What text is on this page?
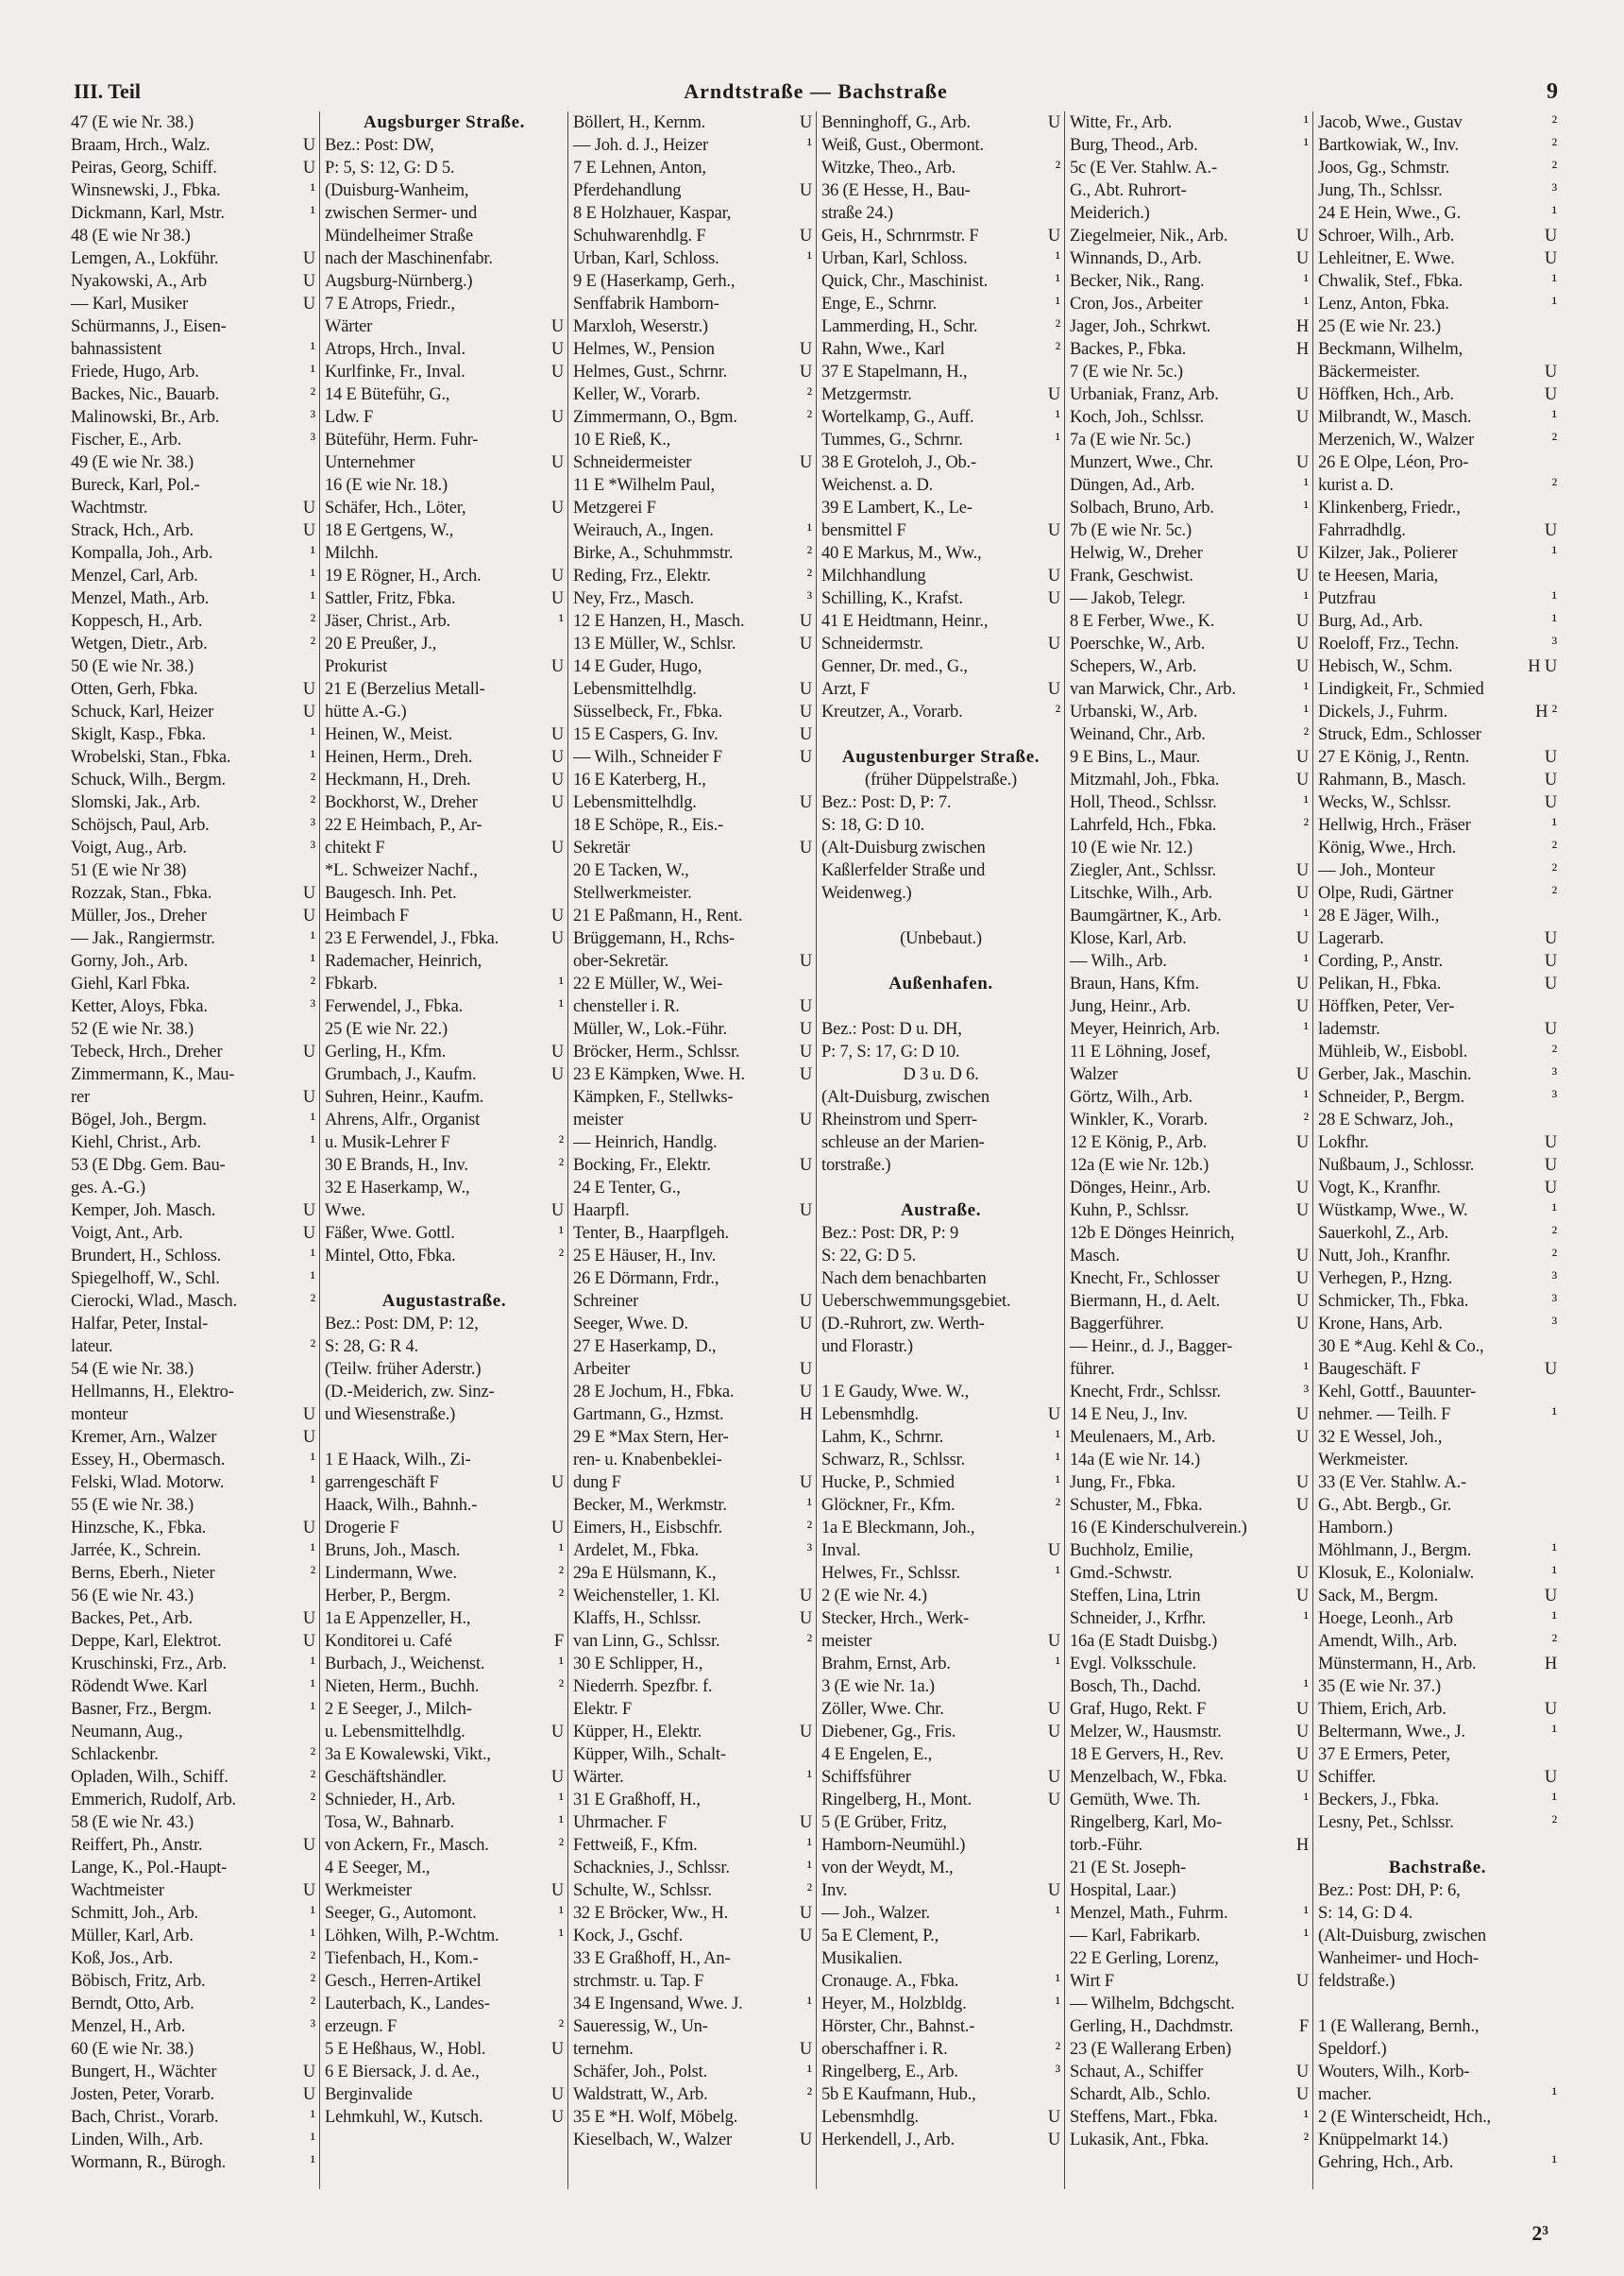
III. Teil	Arndtstraße — Bachstraße	9
47 (E wie Nr. 38.)
Braam, Hrch., Walz.	U
Peiras, Georg, Schiff.	U
Winsnewski, J., Fbka.	¹
Dickmann, Karl, Mstr.	¹
48 (E wie Nr 38.)
Lemgen, A., Lokführ.	U
Nyakowski, A., Arb	U
— Karl, Musiker	U
Schürmanns, J., Eisen-
bahnassistent	¹
Friede, Hugo, Arb.	¹
Backes, Nic., Bauarb.	²
Malinowski, Br., Arb.	³
Fischer, E., Arb.	³
49 (E wie Nr. 38.)
Bureck, Karl, Pol.-
Wachtmstr.	U
Strack, Hch., Arb.	U
Kompalla, Joh., Arb.	¹
Menzel, Carl, Arb.	¹
Menzel, Math., Arb.	¹
Koppesch, H., Arb.	²
Wetgen, Dietr., Arb.	²
50 (E wie Nr. 38.)
Otten, Gerh, Fbka.	U
Schuck, Karl, Heizer	U
Skiglt, Kasp., Fbka.	¹
Wrobelski, Stan., Fbka.	¹
Schuck, Wilh., Bergm.	²
Slomski, Jak., Arb.	²
Schöjsch, Paul, Arb.	³
Voigt, Aug., Arb.	³
51 (E wie Nr 38)
Rozzak, Stan., Fbka.	U
Müller, Jos., Dreher	U
— Jak., Rangiermstr.	¹
Gorny, Joh., Arb.	¹
Giehl, Karl Fbka.	²
Ketter, Aloys, Fbka.	³
52 (E wie Nr. 38.)
Tebeck, Hrch., Dreher	U
Zimmermann, K., Mau-
rer	U
Bögel, Joh., Bergm.	¹
Kiehl, Christ., Arb.	¹
53 (E Dbg. Gem. Bau-
ges. A.-G.)
Kemper, Joh. Masch.	U
Voigt, Ant., Arb.	U
Brundert, H., Schloss.	¹
Spiegelhoff, W., Schl.	¹
Cierocki, Wlad., Masch.	²
Halfar, Peter, Instal-
lateur.	²
54 (E wie Nr. 38.)
Hellmanns, H., Elektro-
monteur	U
Kremer, Arn., Walzer	U
Essey, H., Obermasch.	¹
Felski, Wlad. Motorw.	¹
55 (E wie Nr. 38.)
Hinzsche, K., Fbka.	U
Jarrée, K., Schrein.	¹
Berns, Eberh., Nieter	²
56 (E wie Nr. 43.)
Backes, Pet., Arb.	U
Deppe, Karl, Elektrot.	U
Kruschinski, Frz., Arb.	¹
Rödendt Wwe. Karl	¹
Basner, Frz., Bergm.	¹
Neumann, Aug.,
Schlackenbr.	²
Opladen, Wilh., Schiff.	²
Emmerich, Rudolf, Arb.	²
58 (E wie Nr. 43.)
Reiffert, Ph., Anstr.	U
Lange, K., Pol.-Haupt-
Wachtmeister	U
Schmitt, Joh., Arb.	¹
Müller, Karl, Arb.	¹
Koß, Jos., Arb.	²
Böbisch, Fritz, Arb.	²
Berndt, Otto, Arb.	²
Menzel, H., Arb.	³
60 (E wie Nr. 38.)
Bungert, H., Wächter	U
Josten, Peter, Vorarb.	U
Bach, Christ., Vorarb.	¹
Linden, Wilh., Arb.	¹
Wormann, R., Bürogh.	¹
Augsburger Straße.
Bez.: Post: DW,
P: 5, S: 12, G: D 5.
(Duisburg-Wanheim,
zwischen Sermer- und
Mündelheimer Straße
nach der Maschinenfabr.
Augsburg-Nürnberg.)
7 E Atrops, Friedr.,
Wärter	U
Atrops, Hrch., Inval.	U
Kurlfinke, Fr., Inval.	U
14 E Büteführ, G.,
Ldw. F	U
Büteführ, Herm. Fuhr-
Unternehmer	U
16 (E wie Nr. 18.)
Schäfer, Hch., Löter,	U
18 E Gertgens, W.,
Milchh.
19 E Rögner, H., Arch.	U
Sattler, Fritz, Fbka.	U
Jäser, Christ., Arb.	¹
20 E Preußer, J.,
Prokurist	U
21 E (Berzelius Metall-
hütte A.-G.)
Heinen, W., Meist.	U
Heinen, Herm., Dreh.	U
Heckmann, H., Dreh.	U
Bockhorst, W., Dreher	U
22 E Heimbach, P., Ar-
chitekt F	U
*L. Schweizer Nachf.,
Baugesch. Inh. Pet.
Heimbach F	U
23 E Ferwendel, J., Fbka.	U
Rademacher, Heinrich,
Fbkarb.	¹
Ferwendel, J., Fbka.	¹
25 (E wie Nr. 22.)
Gerling, H., Kfm.	U
Grumbach, J., Kaufm.	U
Suhren, Heinr., Kaufm.
Ahrens, Alfr., Organist
u. Musik-Lehrer F	²
30 E Brands, H., Inv.	²
32 E Haserkamp, W.,
Wwe.	U
Fäßer, Wwe. Gottl.	¹
Mintel, Otto, Fbka.	²
Augustastraße.
Bez.: Post: DM, P: 12,
S: 28, G: R 4.
(Teilw. früher Aderstr.)
(D.-Meiderich, zw. Sinz-
und Wiesenstraße.)
1 E Haack, Wilh., Zi-
garrengeschäft F	U
Haack, Wilh., Bahnh.-
Drogerie F	U
Bruns, Joh., Masch.	¹
Lindermann, Wwe.	²
Herber, P., Bergm.	²
1a E Appenzeller, H.,
Konditorei u. Café	F
Burbach, J., Weichenst.	¹
Nieten, Herm., Buchh.	²
2 E Seeger, J., Milch-
u. Lebensmittelhdlg.	U
3a E Kowalewski, Vikt.,
Geschäftshändler.	U
Schnieder, H., Arb.	¹
Tosa, W., Bahnarb.	¹
von Ackern, Fr., Masch.	²
4 E Seeger, M.,
Werkmeister	U
Seeger, G., Automont.	¹
Löhken, Wilh, P.-Wchtm.	¹
Tiefenbach, H., Kom.-
Gesch., Herren-Artikel
Lauterbach, K., Landes-
erzeugn. F	²
5 E Heßhaus, W., Hobl.	U
6 E Biersack, J. d. Ae.,
Berginvalide	U
Lehmkuhl, W., Kutsch.	U
Böllert, H., Kernm.	U
— Joh. d. J., Heizer	¹
7 E Lehnen, Anton,
Pferdehandlung	U
8 E Holzhauer, Kaspar,
Schuhwarenhdlg. F	U
Urban, Karl, Schloss.	¹
9 E (Haserkamp, Gerh.,
Senffabrik Hamborn-
Marxloh, Weserstr.)
Helmes, W., Pension	U
Helmes, Gust., Schrnr.	U
Keller, W., Vorarb.	²
Zimmermann, O., Bgm.	²
10 E Rieß, K.,
Schneidermeister	U
11 E *Wilhelm Paul,
Metzgerei F
Weirauch, A., Ingen.	¹
Birke, A., Schuhmmstr.	²
Reding, Frz., Elektr.	²
Ney, Frz., Masch.	³
12 E Hanzen, H., Masch.	U
13 E Müller, W., Schlsr.	U
14 E Guder, Hugo,
Lebensmittelhdlg.	U
Süsselbeck, Fr., Fbka.	U
15 E Caspers, G. Inv.	U
— Wilh., Schneider F	U
16 E Katerberg, H.,
Lebensmittelhdlg.	U
18 E Schöpe, R., Eis.-
Sekretär	U
20 E Tacken, W.,
Stellwerkmeister.
21 E Paßmann, H., Rent.
Brüggemann, H., Rchs-
ober-Sekretär.	U
22 E Müller, W., Wei-
chensteller i. R.	U
Müller, W., Lok.-Führ.	U
Bröcker, Herm., Schlssr.	U
23 E Kämpken, Wwe. H.	U
Kämpken, F., Stellwks-
meister	U
— Heinrich, Handlg.
Bocking, Fr., Elektr.	U
24 E Tenter, G.,
Haarpfl.	U
Tenter, B., Haarpflgeh.
25 E Häuser, H., Inv.
26 E Dörmann, Frdr.,
Schreiner	U
Seeger, Wwe. D.	U
27 E Haserkamp, D.,
Arbeiter	U
28 E Jochum, H., Fbka.	U
Gartmann, G., Hzmst.	H
29 E *Max Stern, Her-
ren- u. Knabenbeklei-
dung F	U
Becker, M., Werkmstr.	¹
Eimers, H., Eisbschfr.	²
Ardelet, M., Fbka.	³
29a E Hülsmann, K.,
Weichensteller, 1. Kl.	U
Klaffs, H., Schlssr.	U
van Linn, G., Schlssr.	²
30 E Schlipper, H.,
Niederrh. Spezfbr. f.
Elektr. F
Küpper, H., Elektr.	U
Küpper, Wilh., Schalt-
Wärter.	¹
31 E Graßhoff, H.,
Uhrmacher. F	U
Fettweiß, F., Kfm.	¹
Schacknies, J., Schlssr.	¹
Schulte, W., Schlssr.	²
32 E Bröcker, Ww., H.	U
Kock, J., Gschf.	U
33 E Graßhoff, H., An-
strchmstr. u. Tap. F
34 E Ingensand, Wwe. J.	¹
Saueressig, W., Un-
ternehm.	U
Schäfer, Joh., Polst.	¹
Waldstratt, W., Arb.	²
35 E *H. Wolf, Möbelg.
Kieselbach, W., Walzer	U
Benninghoff, G., Arb.	U
Weiß, Gust., Obermont.
Witzke, Theo., Arb.	²
36 (E Hesse, H., Bau-
straße 24.)
Geis, H., Schrnrmstr. F	U
Urban, Karl, Schloss.	¹
Quick, Chr., Maschinist.	¹
Enge, E., Schrnr.	¹
Lammerding, H., Schr.	²
Rahn, Wwe., Karl	²
37 E Stapelmann, H.,
Metzgermstr.	U
Wortelkamp, G., Auff.	¹
Tummes, G., Schrnr.	¹
38 E Groteloh, J., Ob.-
Weichenst. a. D.
39 E Lambert, K., Le-
bensmittel F	U
40 E Markus, M., Ww.,
Milchhandlung	U
Schilling, K., Krafst.	U
41 E Heidtmann, Heinr.,
Schneidermstr.	U
Genner, Dr. med., G.,
Arzt, F	U
Kreutzer, A., Vorarb.	²
Augustenburger Straße.
(früher Düppelstraße.)
Bez.: Post: D, P: 7.
S: 18, G: D 10.
(Alt-Duisburg zwischen
Kaßlerfelder Straße und
Weidenweg.)
(Unbebaut.)
Außenhafen.
Bez.: Post: D u. DH,
P: 7, S: 17, G: D 10.
D 3 u. D 6.
(Alt-Duisburg, zwischen
Rheinstrom und Sperr-
schleuse an der Marien-
torstraße.)
Austraße.
Bez.: Post: DR, P: 9
S: 22, G: D 5.
Nach dem benachbarten
Ueberschwemmungsgebiet.
(D.-Ruhrort, zw. Werth-
und Florastr.)
1 E Gaudy, Wwe. W.,
Lebensmhdlg.	U
Lahm, K., Schrnr.	¹
Schwarz, R., Schlssr.	¹
Hucke, P., Schmied	¹
Glöckner, Fr., Kfm.	²
1a E Bleckmann, Joh.,
Inval.	U
Helwes, Fr., Schlssr.	¹
2 (E wie Nr. 4.)
Stecker, Hrch., Werk-
meister	U
Brahm, Ernst, Arb.	¹
3 (E wie Nr. 1a.)
Zöller, Wwe. Chr.	U
Diebener, Gg., Fris.	U
4 E Engelen, E.,
Schiffsführer	U
Ringelberg, H., Mont.	U
5 (E Grüber, Fritz,
Hamborn-Neumühl.)
von der Weydt, M.,
Inv.	U
— Joh., Walzer.	¹
5a E Clement, P.,
Musikalien.
Cronauge. A., Fbka.	¹
Heyer, M., Holzbldg.	¹
Hörster, Chr., Bahnst.-
oberschaffner i. R.	²
Ringelberg, E., Arb.	³
5b E Kaufmann, Hub.,
Lebensmhdlg.	U
Herkendell, J., Arb.	U
Witte, Fr., Arb.	¹
Burg, Theod., Arb.	¹
5c (E Ver. Stahlw. A.-
G., Abt. Ruhrort-
Meiderich.)
Ziegelmeier, Nik., Arb.	U
Winnands, D., Arb.	U
Becker, Nik., Rang.	¹
Cron, Jos., Arbeiter	¹
Jager, Joh., Schrkwt.	H
Backes, P., Fbka.	H
7 (E wie Nr. 5c.)
Urbaniak, Franz, Arb.	U
Koch, Joh., Schlssr.	U
7a (E wie Nr. 5c.)
Munzert, Wwe., Chr.	U
Düngen, Ad., Arb.	¹
Solbach, Bruno, Arb.	¹
7b (E wie Nr. 5c.)
Helwig, W., Dreher	U
Frank, Geschwist.	U
— Jakob, Telegr.	¹
8 E Ferber, Wwe., K.	U
Poerschke, W., Arb.	U
Schepers, W., Arb.	U
van Marwick, Chr., Arb.	¹
Urbanski, W., Arb.	¹
Weinand, Chr., Arb.	²
9 E Bins, L., Maur.	U
Mitzmahl, Joh., Fbka.	U
Holl, Theod., Schlssr.	¹
Lahrfeld, Hch., Fbka.	²
10 (E wie Nr. 12.)
Ziegler, Ant., Schlssr.	U
Litschke, Wilh., Arb.	U
Baumgärtner, K., Arb.	¹
Klose, Karl, Arb.	U
— Wilh., Arb.	¹
Braun, Hans, Kfm.	U
Jung, Heinr., Arb.	U
Meyer, Heinrich, Arb.	¹
11 E Löhning, Josef,
Walzer	U
Görtz, Wilh., Arb.	¹
Winkler, K., Vorarb.	²
12 E König, P., Arb.	U
12a (E wie Nr. 12b.)
Dönges, Heinr., Arb.	U
Kuhn, P., Schlssr.	U
12b E Dönges Heinrich,
Masch.	U
Knecht, Fr., Schlosser	U
Biermann, H., d. Aelt.	U
Baggerführer.	U
— Heinr., d. J., Bagger-
führer.	¹
Knecht, Frdr., Schlssr.	³
14 E Neu, J., Inv.	U
Meulenaers, M., Arb.	U
14a (E wie Nr. 14.)
Jung, Fr., Fbka.	U
Schuster, M., Fbka.	U
16 (E Kinderschulverein.)
Buchholz, Emilie,
Gmd.-Schwstr.	U
Steffen, Lina, Ltrin	U
Schneider, J., Krfhr.	¹
16a (E Stadt Duisbg.)
Evgl. Volksschule.
Bosch, Th., Dachd.	¹
Graf, Hugo, Rekt. F	U
Melzer, W., Hausmstr.	U
18 E Gervers, H., Rev.	U
Menzelbach, W., Fbka.	U
Gemüth, Wwe. Th.	¹
Ringelberg, Karl, Mo-
torb.-Führ.	H
21 (E St. Joseph-
Hospital, Laar.)
Menzel, Math., Fuhrm.	¹
— Karl, Fabrikarb.	¹
22 E Gerling, Lorenz,
Wirt F	U
— Wilhelm, Bdchgscht.
Gerling, H., Dachdmstr.	F
23 (E Wallerang Erben)
Schaut, A., Schiffer	U
Schardt, Alb., Schlo.	U
Steffens, Mart., Fbka.	¹
Lukasik, Ant., Fbka.	²
Jacob, Wwe., Gustav	²
Bartkowiak, W., Inv.	²
Joos, Gg., Schmstr.	²
Jung, Th., Schlssr.	³
24 E Hein, Wwe., G.	¹
Schroer, Wilh., Arb.	U
Lehleitner, E. Wwe.	U
Chwalik, Stef., Fbka.	¹
Lenz, Anton, Fbka.	¹
25 (E wie Nr. 23.)
Beckmann, Wilhelm,
Bäckermeister.	U
Höffken, Hch., Arb.	U
Milbrandt, W., Masch.	¹
Merzenich, W., Walzer	²
26 E Olpe, Léon, Pro-
kurist a. D.	²
Klinkenberg, Friedr.,
Fahrradhdlg.	U
Kilzer, Jak., Polierer	¹
te Heesen, Maria,
Putzfrau	¹
Burg, Ad., Arb.	¹
Roeloff, Frz., Techn.	³
Hebisch, W., Schm.	H U
Lindigkeit, Fr., Schmied
Dickels, J., Fuhrm.	H ²
Struck, Edm., Schlosser
27 E König, J., Rentn.	U
Rahmann, B., Masch.	U
Wecks, W., Schlssr.	U
Hellwig, Hrch., Fräser	¹
König, Wwe., Hrch.	²
— Joh., Monteur	²
Olpe, Rudi, Gärtner	²
28 E Jäger, Wilh.,
Lagerarb.	U
Cording, P., Anstr.	U
Pelikan, H., Fbka.	U
Höffken, Peter, Ver-
lademstr.	U
Mühleib, W., Eisbobl.	²
Gerber, Jak., Maschin.	³
Schneider, P., Bergm.	³
28 E Schwarz, Joh.,
Lokfhr.	U
Nußbaum, J., Schlossr.	U
Vogt, K., Kranfhr.	U
Wüstkamp, Wwe., W.	¹
Sauerkohl, Z., Arb.	²
Nutt, Joh., Kranfhr.	²
Verhegen, P., Hzng.	³
Schmicker, Th., Fbka.	³
Krone, Hans, Arb.	³
30 E *Aug. Kehl & Co.,
Baugeschäft. F	U
Kehl, Gottf., Bauunter-
nehmer. — Teilh. F	¹
32 E Wessel, Joh.,
Werkmeister.
33 (E Ver. Stahlw. A.-
G., Abt. Bergb., Gr.
Hamborn.)
Möhlmann, J., Bergm.	¹
Klosuk, E., Kolonialw.	¹
Sack, M., Bergm.	U
Hoege, Leonh., Arb	¹
Amendt, Wilh., Arb.	²
Münstermann, H., Arb.	H
35 (E wie Nr. 37.)
Thiem, Erich, Arb.	U
Beltermann, Wwe., J.	¹
37 E Ermers, Peter,
Schiffer.	U
Beckers, J., Fbka.	¹
Lesny, Pet., Schlssr.	²
Bachstraße.
Bez.: Post: DH, P: 6,
S: 14, G: D 4.
(Alt-Duisburg, zwischen
Wanheimer- und Hoch-
feldstraße.)
1 (E Wallerang, Bernh.,
Speldorf.)
Wouters, Wilh., Korb-
macher.	¹
2 (E Winterscheidt, Hch.,
Knüppelmarkt 14.)
Gehring, Hch., Arb.	¹
2³
